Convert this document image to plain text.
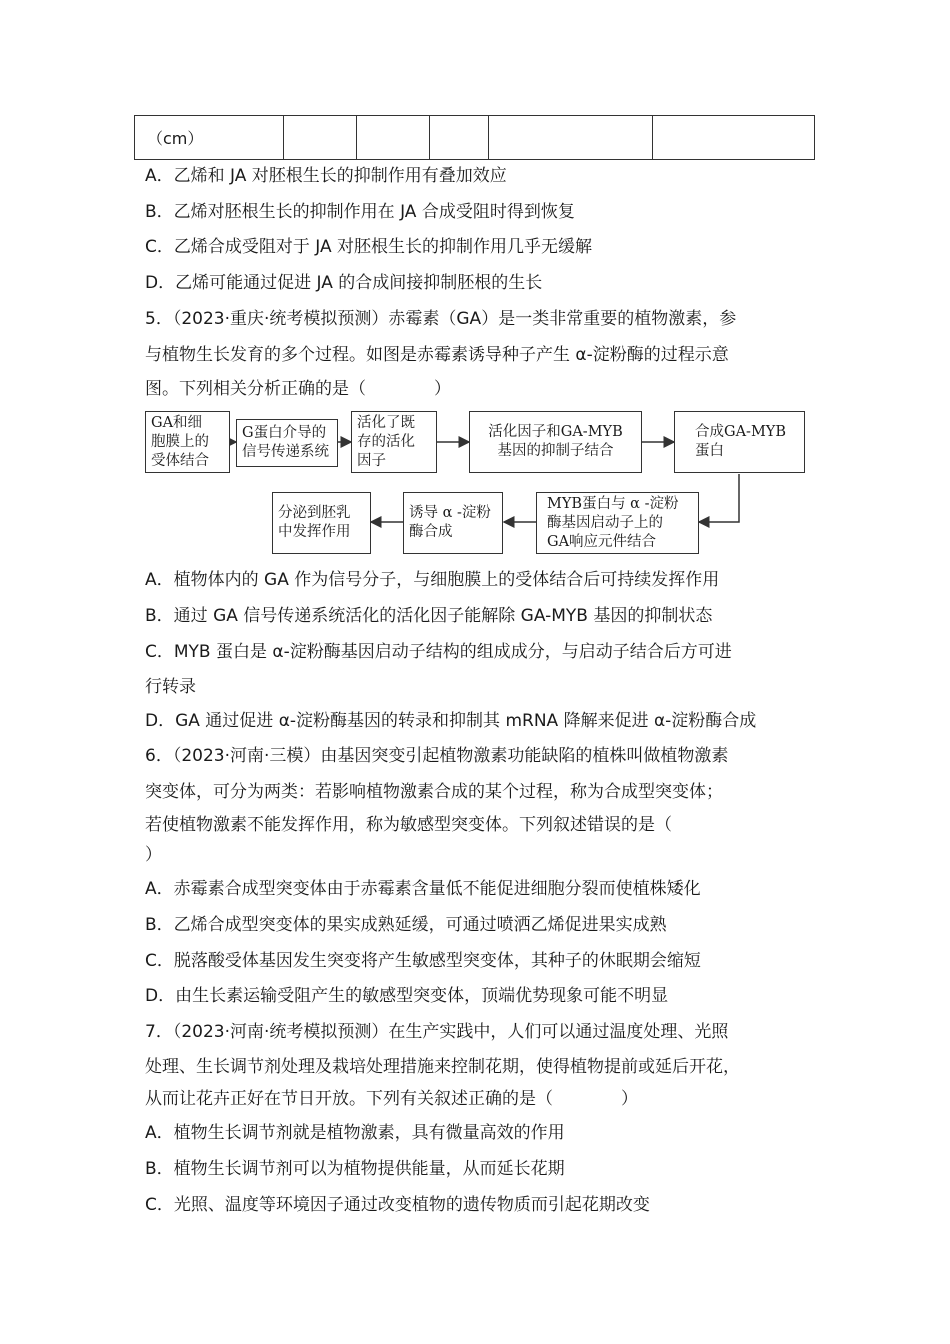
（cm）					
A．乙烯和 JA 对胚根生长的抑制作用有叠加效应
B．乙烯对胚根生长的抑制作用在 JA 合成受阻时得到恢复
C．乙烯合成受阻对于 JA 对胚根生长的抑制作用几乎无缓解
D．乙烯可能通过促进 JA 的合成间接抑制胚根的生长
5．（2023·重庆·统考模拟预测）赤霉素（GA）是一类非常重要的植物激素，参
与植物生长发育的多个过程。如图是赤霉素诱导种子产生 α-淀粉酶的过程示意
图。下列相关分析正确的是（　　　　）
GA和细
胞膜上的
受体结合
G蛋白介导的
信号传递系统
活化了既
存的活化
因子
活化因子和GA-MYB
基因的抑制子结合
合成GA-MYB
蛋白
MYB蛋白与 α -淀粉
酶基因启动子上的
GA响应元件结合
诱导 α -淀粉
酶合成
分泌到胚乳
中发挥作用
A．植物体内的 GA 作为信号分子，与细胞膜上的受体结合后可持续发挥作用
B．通过 GA 信号传递系统活化的活化因子能解除 GA-MYB 基因的抑制状态
C．MYB 蛋白是 α-淀粉酶基因启动子结构的组成成分，与启动子结合后方可进
行转录
D．GA 通过促进 α-淀粉酶基因的转录和抑制其 mRNA 降解来促进 α-淀粉酶合成
6．（2023·河南·三模）由基因突变引起植物激素功能缺陷的植株叫做植物激素
突变体，可分为两类：若影响植物激素合成的某个过程，称为合成型突变体；
若使植物激素不能发挥作用，称为敏感型突变体。下列叙述错误的是（
）
A．赤霉素合成型突变体由于赤霉素含量低不能促进细胞分裂而使植株矮化
B．乙烯合成型突变体的果实成熟延缓，可通过喷洒乙烯促进果实成熟
C．脱落酸受体基因发生突变将产生敏感型突变体，其种子的休眠期会缩短
D．由生长素运输受阻产生的敏感型突变体，顶端优势现象可能不明显
7．（2023·河南·统考模拟预测）在生产实践中，人们可以通过温度处理、光照
处理、生长调节剂处理及栽培处理措施来控制花期，使得植物提前或延后开花，
从而让花卉正好在节日开放。下列有关叙述正确的是（　　　　）
A．植物生长调节剂就是植物激素，具有微量高效的作用
B．植物生长调节剂可以为植物提供能量，从而延长花期
C．光照、温度等环境因子通过改变植物的遗传物质而引起花期改变
